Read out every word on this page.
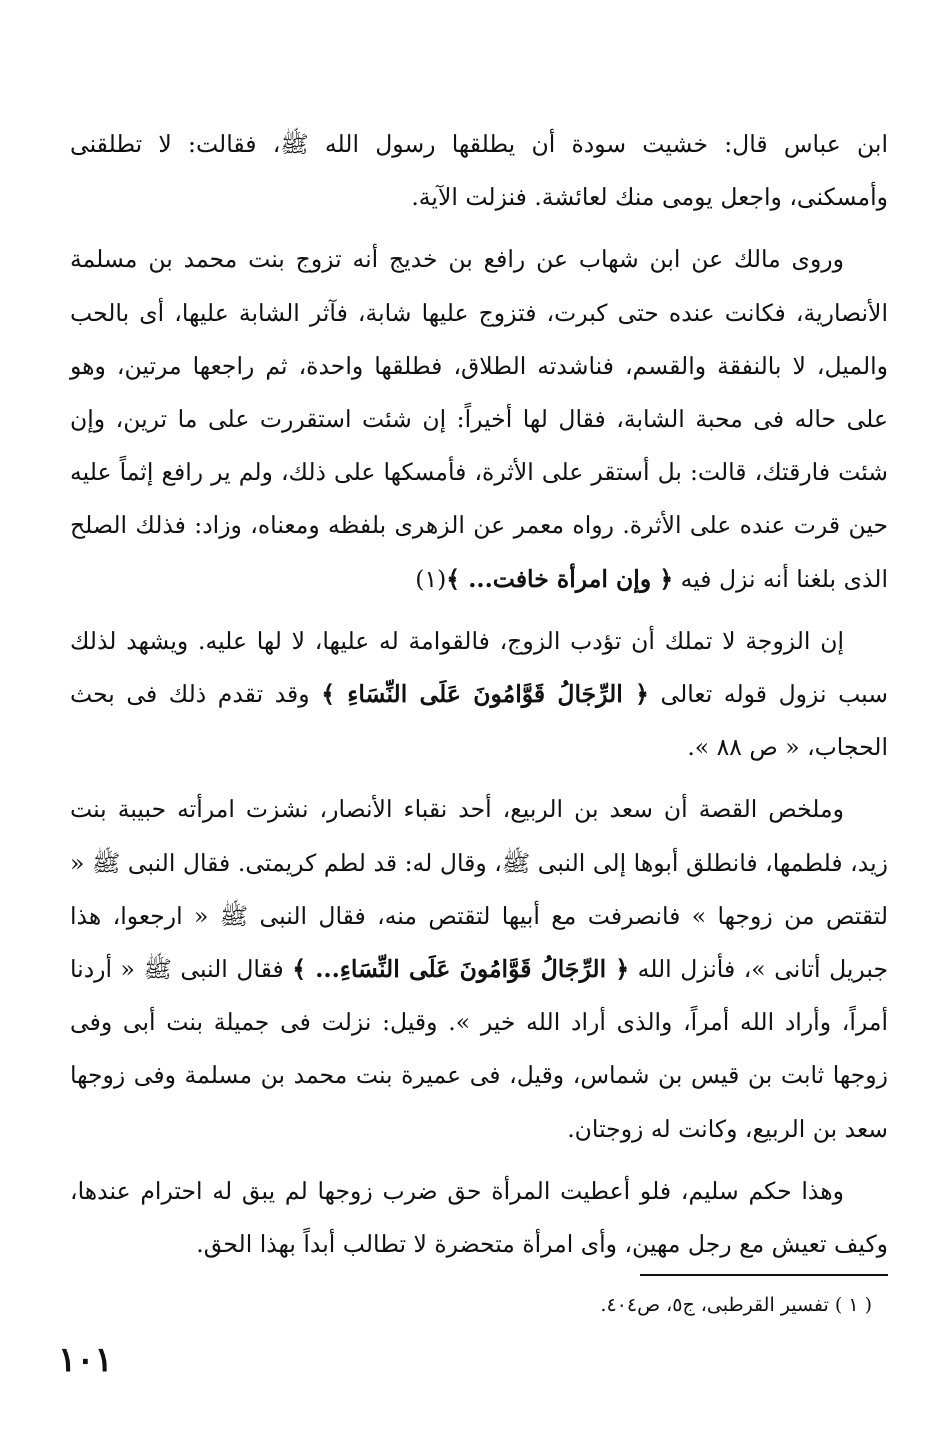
ابن عباس قال: خشيت سودة أن يطلقها رسول الله ﷺ، فقالت: لا تطلقنى وأمسكنى، واجعل يومى منك لعائشة. فنزلت الآية.

وروى مالك عن ابن شهاب عن رافع بن خديج أنه تزوج بنت محمد بن مسلمة الأنصارية، فكانت عنده حتى كبرت، فتزوج عليها شابة، فآثر الشابة عليها، أى بالحب والميل، لا بالنفقة والقسم، فناشدته الطلاق، فطلقها واحدة، ثم راجعها مرتين، وهو على حاله فى محبة الشابة، فقال لها أخيراً: إن شئت استقررت على ما ترين، وإن شئت فارقتك، قالت: بل أستقر على الأثرة، فأمسكها على ذلك، ولم ير رافع إثماً عليه حين قرت عنده على الأثرة. رواه معمر عن الزهرى بلفظه ومعناه، وزاد: فذلك الصلح الذى بلغنا أنه نزل فيه ﴿ وإن امرأة خافت... ﴾(١)

إن الزوجة لا تملك أن تؤدب الزوج، فالقوامة له عليها، لا لها عليه. ويشهد لذلك سبب نزول قوله تعالى ﴿ الرِّجَالُ قَوَّامُونَ عَلَى النِّسَاءِ ﴾ وقد تقدم ذلك فى بحث الحجاب، « ص ٨٨ ».

وملخص القصة أن سعد بن الربيع، أحد نقباء الأنصار، نشزت امرأته حبيبة بنت زيد، فلطمها، فانطلق أبوها إلى النبى ﷺ، وقال له: قد لطم كريمتى. فقال النبى ﷺ « لتقتص من زوجها » فانصرفت مع أبيها لتقتص منه، فقال النبى ﷺ « ارجعوا، هذا جبريل أتانى »، فأنزل الله ﴿ الرِّجَالُ قَوَّامُونَ عَلَى النِّسَاءِ... ﴾ فقال النبى ﷺ « أردنا أمراً، وأراد الله أمراً، والذى أراد الله خير ». وقيل: نزلت فى جميلة بنت أبى وفى زوجها ثابت بن قيس بن شماس، وقيل، فى عميرة بنت محمد بن مسلمة وفى زوجها سعد بن الربيع، وكانت له زوجتان.

وهذا حكم سليم، فلو أعطيت المرأة حق ضرب زوجها لم يبق له احترام عندها، وكيف تعيش مع رجل مهين، وأى امرأة متحضرة لا تطالب أبداً بهذا الحق.

( ١ ) تفسير القرطبى، ج٥، ص٤٠٤.
١٠١
